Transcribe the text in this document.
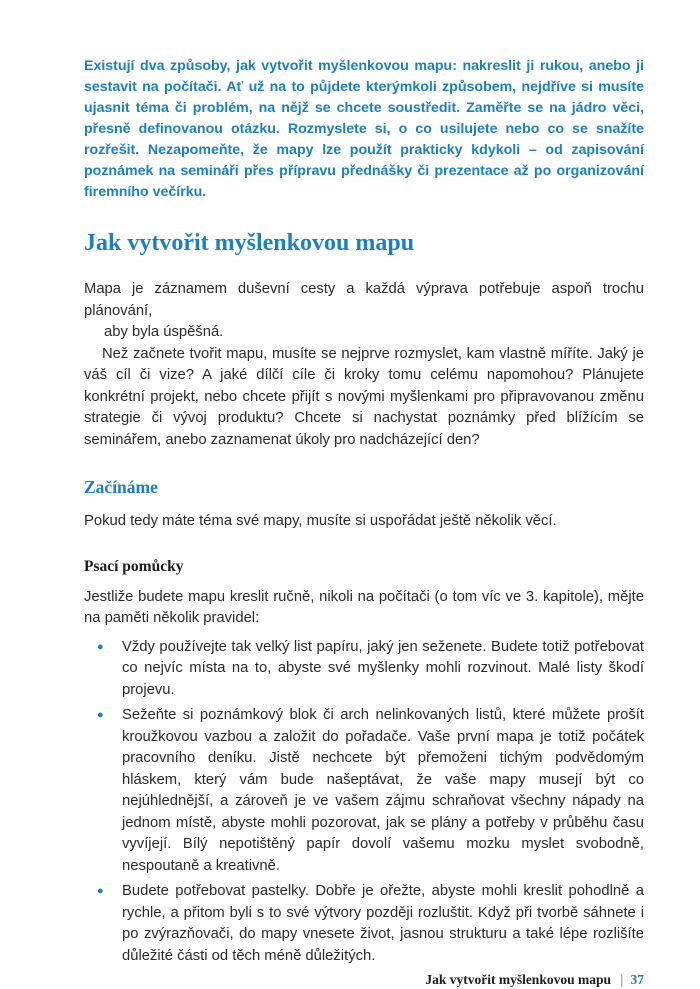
Existují dva způsoby, jak vytvořit myšlenkovou mapu: nakreslit ji rukou, anebo ji sestavit na počítači. Ať už na to půjdete kterýmkoli způsobem, nejdříve si musíte ujasnit téma či problém, na nějž se chcete soustředit. Zaměřte se na jádro věci, přesně definovanou otázku. Rozmyslete si, o co usilujete nebo co se snažíte rozřešit. Nezapomeňte, že mapy lze použít prakticky kdykoli – od zapisování poznámek na semináři přes přípravu přednášky či prezentace až po organizování firemního večírku.

Jak vytvořit myšlenkovou mapu

Mapa je záznamem duševní cesty a každá výprava potřebuje aspoň trochu plánování,
aby byla úspěšná.

Než začnete tvořit mapu, musíte se nejprve rozmyslet, kam vlastně míříte. Jaký je váš cíl či vize? A jaké dílčí cíle či kroky tomu celému napomohou? Plánujete konkrétní projekt, nebo chcete přijít s novými myšlenkami pro připravovanou změnu strategie či vývoj produktu? Chcete si nachystat poznámky před blížícím se seminářem, anebo zaznamenat úkoly pro nadcházející den?

Začínáme

Pokud tedy máte téma své mapy, musíte si uspořádat ještě několik věcí.

Psací pomůcky

Jestliže budete mapu kreslit ručně, nikoli na počítači (o tom víc ve 3. kapitole), mějte na paměti několik pravidel:

●	Vždy používejte tak velký list papíru, jaký jen seženete. Budete totiž potřebovat co nejvíc místa na to, abyste své myšlenky mohli rozvinout. Malé listy škodí projevu.
●	Sežeňte si poznámkový blok či arch nelinkovaných listů, které můžete prošít kroužkovou vazbou a založit do pořadače. Vaše první mapa je totiž počátek pracovního deníku. Jistě nechcete být přemoženi tichým podvědomým hláskem, který vám bude našeptávat, že vaše mapy musejí být co nejúhlednější, a zároveň je ve vašem zájmu schraňovat všechny nápady na jednom místě, abyste mohli pozorovat, jak se plány a potřeby v průběhu času vyvíjejí. Bílý nepotištěný papír dovolí vašemu mozku myslet svobodně, nespoutaně a kreativně.
●	Budete potřebovat pastelky. Dobře je ořežte, abyste mohli kreslit pohodlně a rychle, a přitom byli s to své výtvory později rozluštit. Když při tvorbě sáhnete i po zvýrazňovači, do mapy vnesete život, jasnou strukturu a také lépe rozlišíte důležité části od těch méně důležitých.
Jak vytvořit myšlenkovou mapu | 37
